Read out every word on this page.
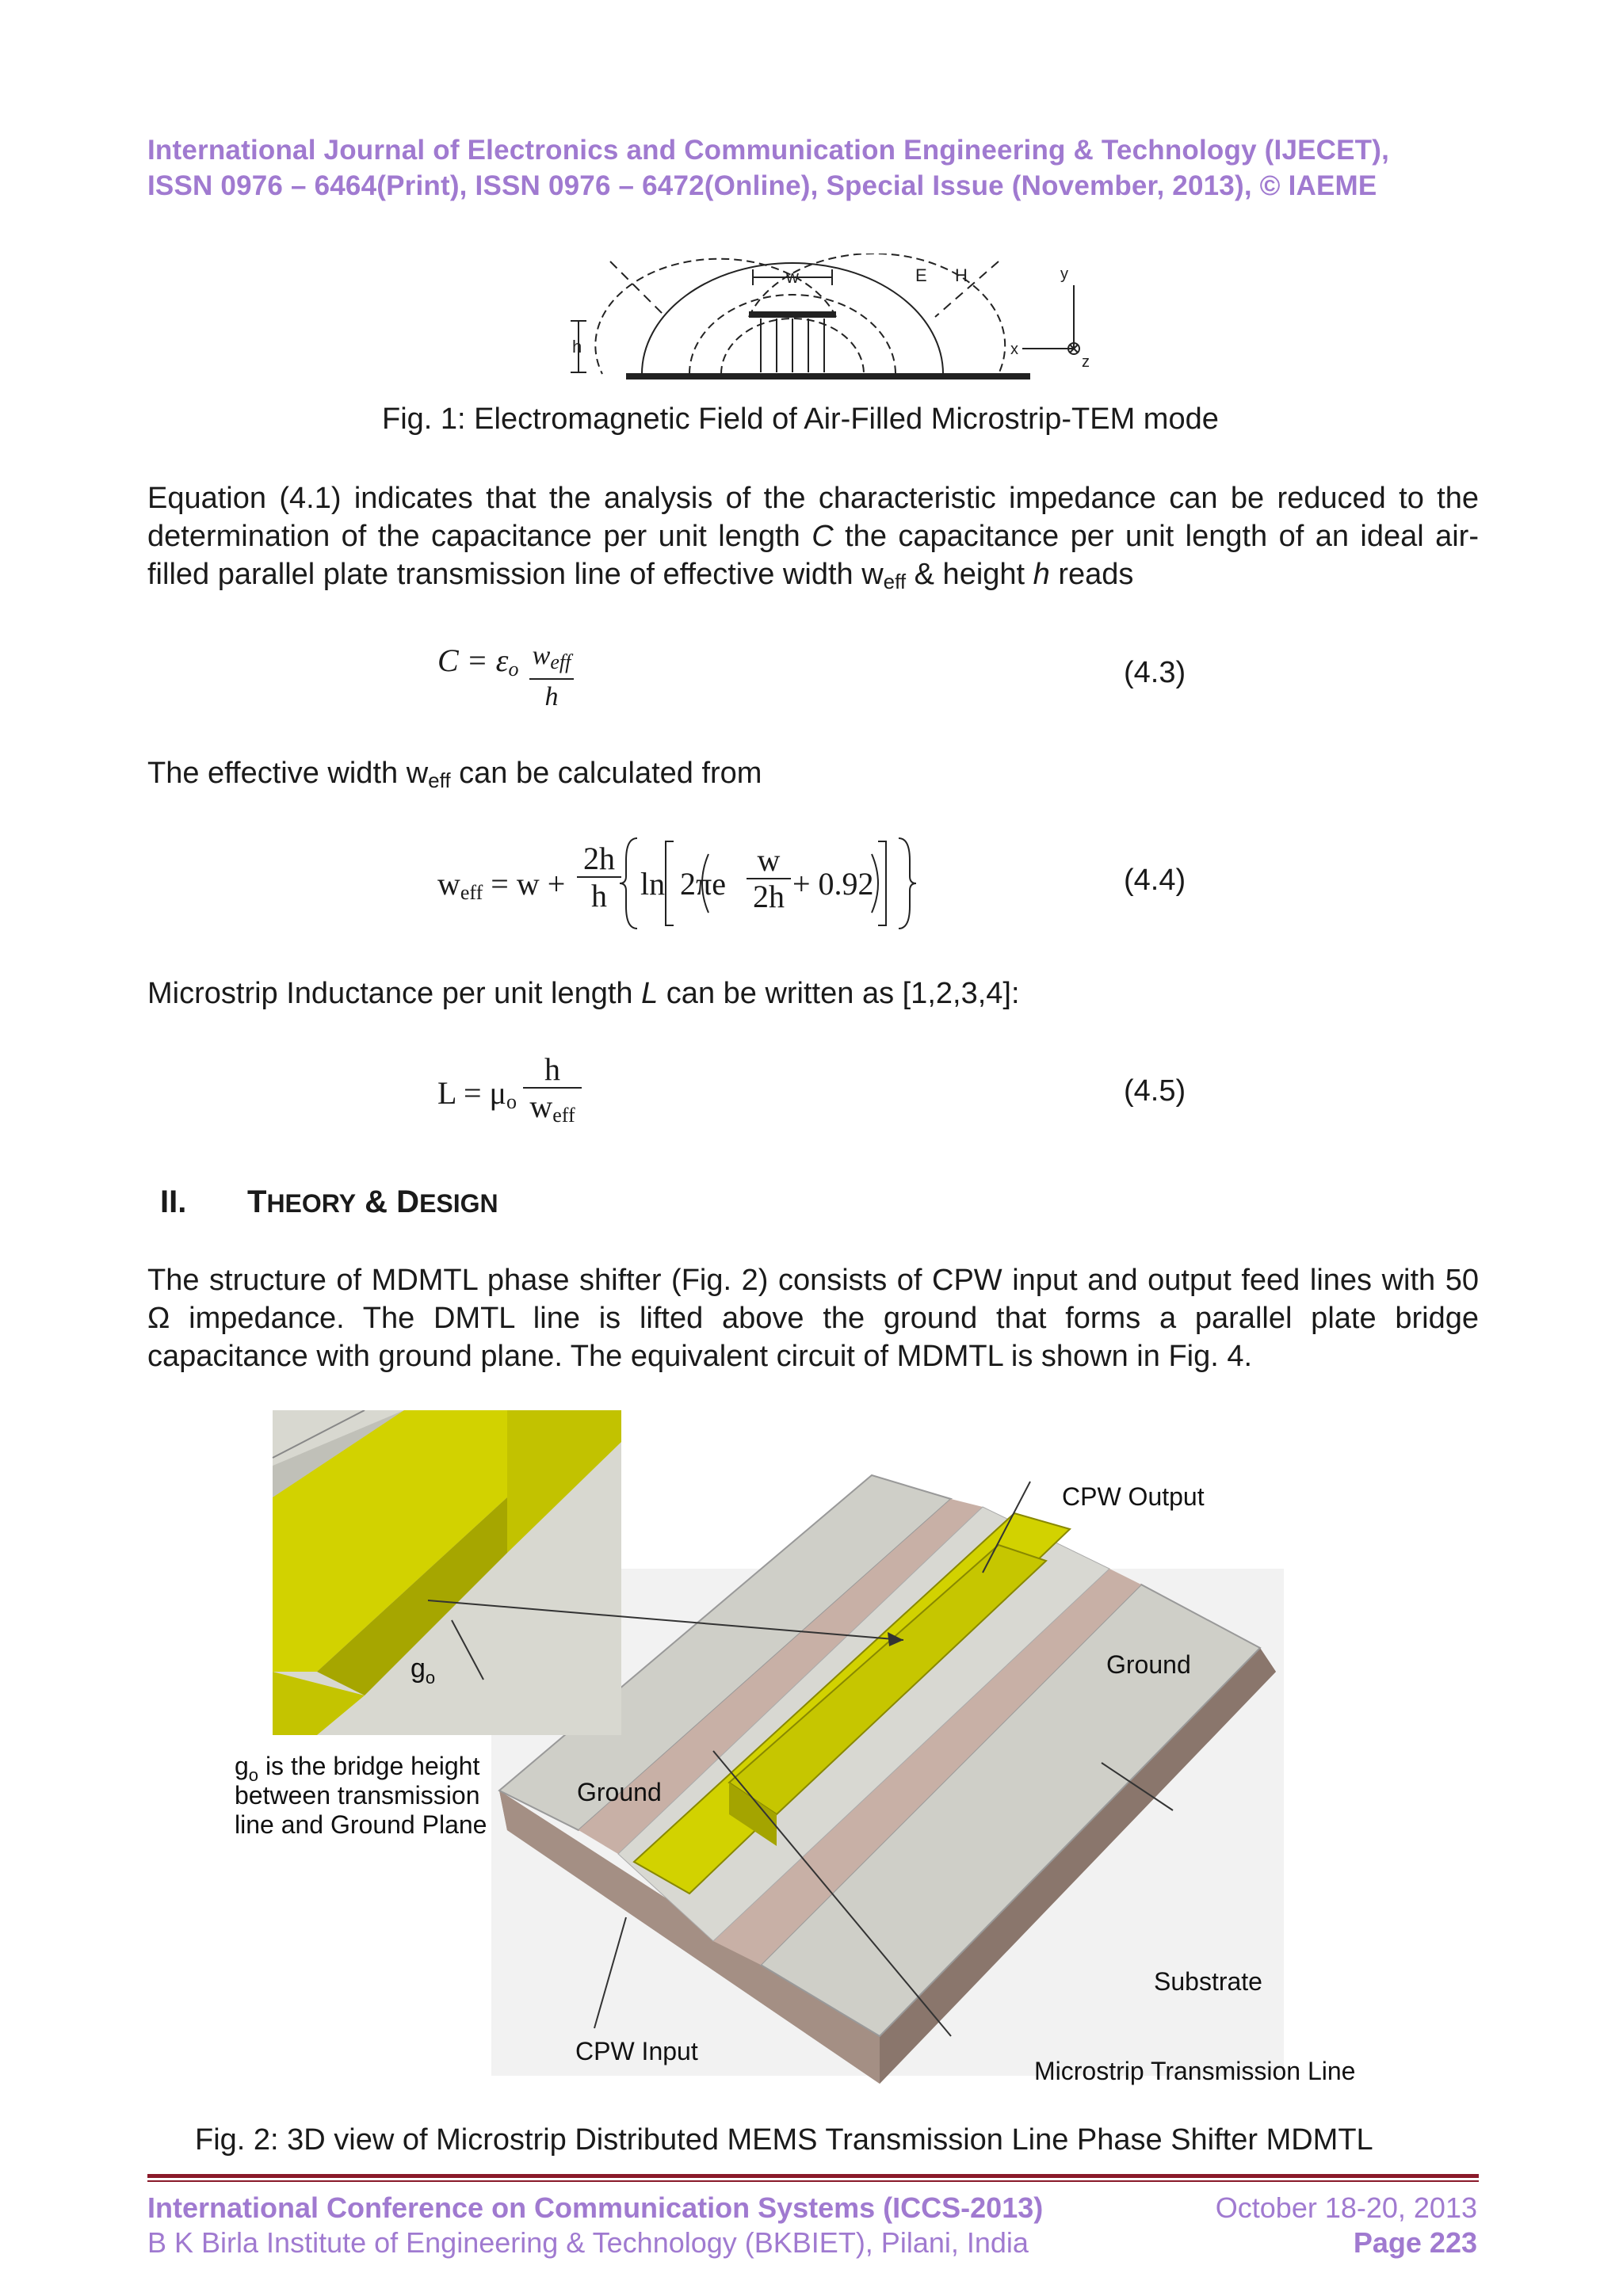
International Journal of Electronics and Communication Engineering & Technology (IJECET),
ISSN 0976 – 6464(Print), ISSN 0976 – 6472(Online), Special Issue (November, 2013), © IAEME
w	E H
h	x
y
z
Fig. 1: Electromagnetic Field of Air-Filled Microstrip-TEM mode
Equation (4.1) indicates that the analysis of the characteristic impedance can be reduced to the determination of the capacitance per unit length C the capacitance per unit length of an ideal air-filled parallel plate transmission line of effective width $w_{eff}$ & height h reads
$C = \varepsilon_o$ $w_{eff}$
h
(4.3)
The effective width $w_{eff}$ can be calculated from
$w_{eff} = w$ +
2h
h	ln 2πe
w
2h + 0.92	(4.4)
Microstrip Inductance per unit length L can be written as [1,2,3,4]:
$L = \mu_o$
h
$w_{eff}$
(4.5)
II. THEORY & DESIGN
The structure of MDMTL phase shifter (Fig. 2) consists of CPW input and output feed lines with 50 Ω impedance. The DMTL line is lifted above the ground that forms a parallel plate bridge capacitance with ground plane. The equivalent circuit of MDMTL is shown in Fig. 4.
CPW Output
Ground
Ground
Substrate
CPW Input
Microstrip Transmission Line
$g_o$
$g_o$ is the bridge height
between transmission
line and Ground Plane
Fig. 2: 3D view of Microstrip Distributed MEMS Transmission Line Phase Shifter MDMTL
International Conference on Communication Systems (ICCS-2013)
B K Birla Institute of Engineering & Technology (BKBIET), Pilani, India
October 18-20, 2013
Page 223
